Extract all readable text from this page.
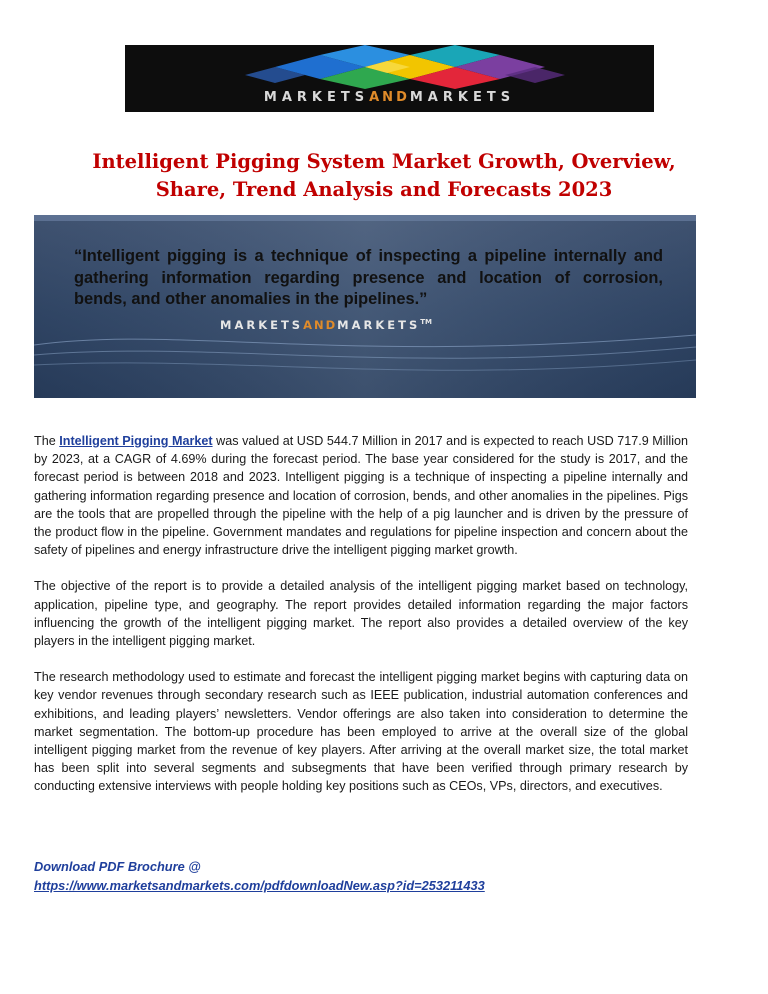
MARKETSANDMARKETS
Intelligent Pigging System Market Growth, Overview,
Share, Trend Analysis and Forecasts 2023
“Intelligent pigging is a technique of inspecting a pipeline internally and gathering information regarding presence and location of corrosion, bends, and other anomalies in the pipelines.”
MARKETSANDMARKETS™

The Intelligent Pigging Market was valued at USD 544.7 Million in 2017 and is expected to reach USD 717.9 Million by 2023, at a CAGR of 4.69% during the forecast period. The base year considered for the study is 2017, and the forecast period is between 2018 and 2023. Intelligent pigging is a technique of inspecting a pipeline internally and gathering information regarding presence and location of corrosion, bends, and other anomalies in the pipelines. Pigs are the tools that are propelled through the pipeline with the help of a pig launcher and is driven by the pressure of the product flow in the pipeline. Government mandates and regulations for pipeline inspection and concern about the safety of pipelines and energy infrastructure drive the intelligent pigging market growth.

The objective of the report is to provide a detailed analysis of the intelligent pigging market based on technology, application, pipeline type, and geography. The report provides detailed information regarding the major factors influencing the growth of the intelligent pigging market. The report also provides a detailed overview of the key players in the intelligent pigging market.

The research methodology used to estimate and forecast the intelligent pigging market begins with capturing data on key vendor revenues through secondary research such as IEEE publication, industrial automation conferences and exhibitions, and leading players’ newsletters. Vendor offerings are also taken into consideration to determine the market segmentation. The bottom-up procedure has been employed to arrive at the overall size of the global intelligent pigging market from the revenue of key players. After arriving at the overall market size, the total market has been split into several segments and subsegments that have been verified through primary research by conducting extensive interviews with people holding key positions such as CEOs, VPs, directors, and executives.

Download PDF Brochure @
https://www.marketsandmarkets.com/pdfdownloadNew.asp?id=253211433
